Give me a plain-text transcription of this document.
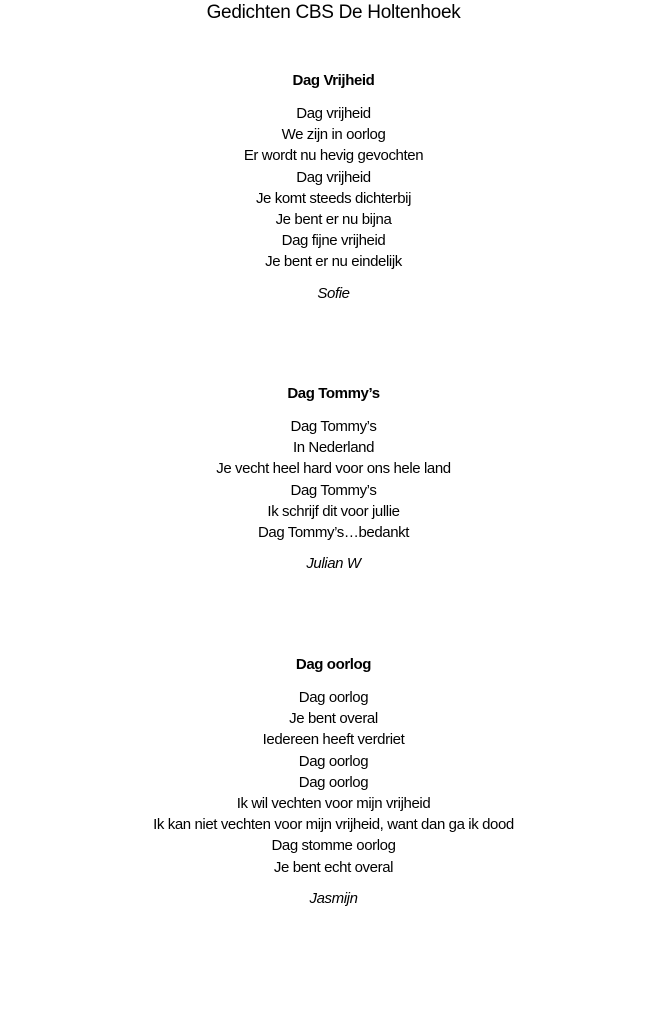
Gedichten CBS De Holtenhoek
Dag Vrijheid
Dag vrijheid
We zijn in oorlog
Er wordt nu hevig gevochten
Dag vrijheid
Je komt steeds dichterbij
Je bent er nu bijna
Dag fijne vrijheid
Je bent er nu eindelijk
Sofie
Dag Tommy’s
Dag Tommy’s
In Nederland
Je vecht heel hard voor ons hele land
Dag Tommy’s
Ik schrijf dit voor jullie
Dag Tommy’s…bedankt
Julian W
Dag oorlog
Dag oorlog
Je bent overal
Iedereen heeft verdriet
Dag oorlog
Dag oorlog
Ik wil vechten voor mijn vrijheid
Ik kan niet vechten voor mijn vrijheid, want dan ga ik dood
Dag stomme oorlog
Je bent echt overal
Jasmijn
